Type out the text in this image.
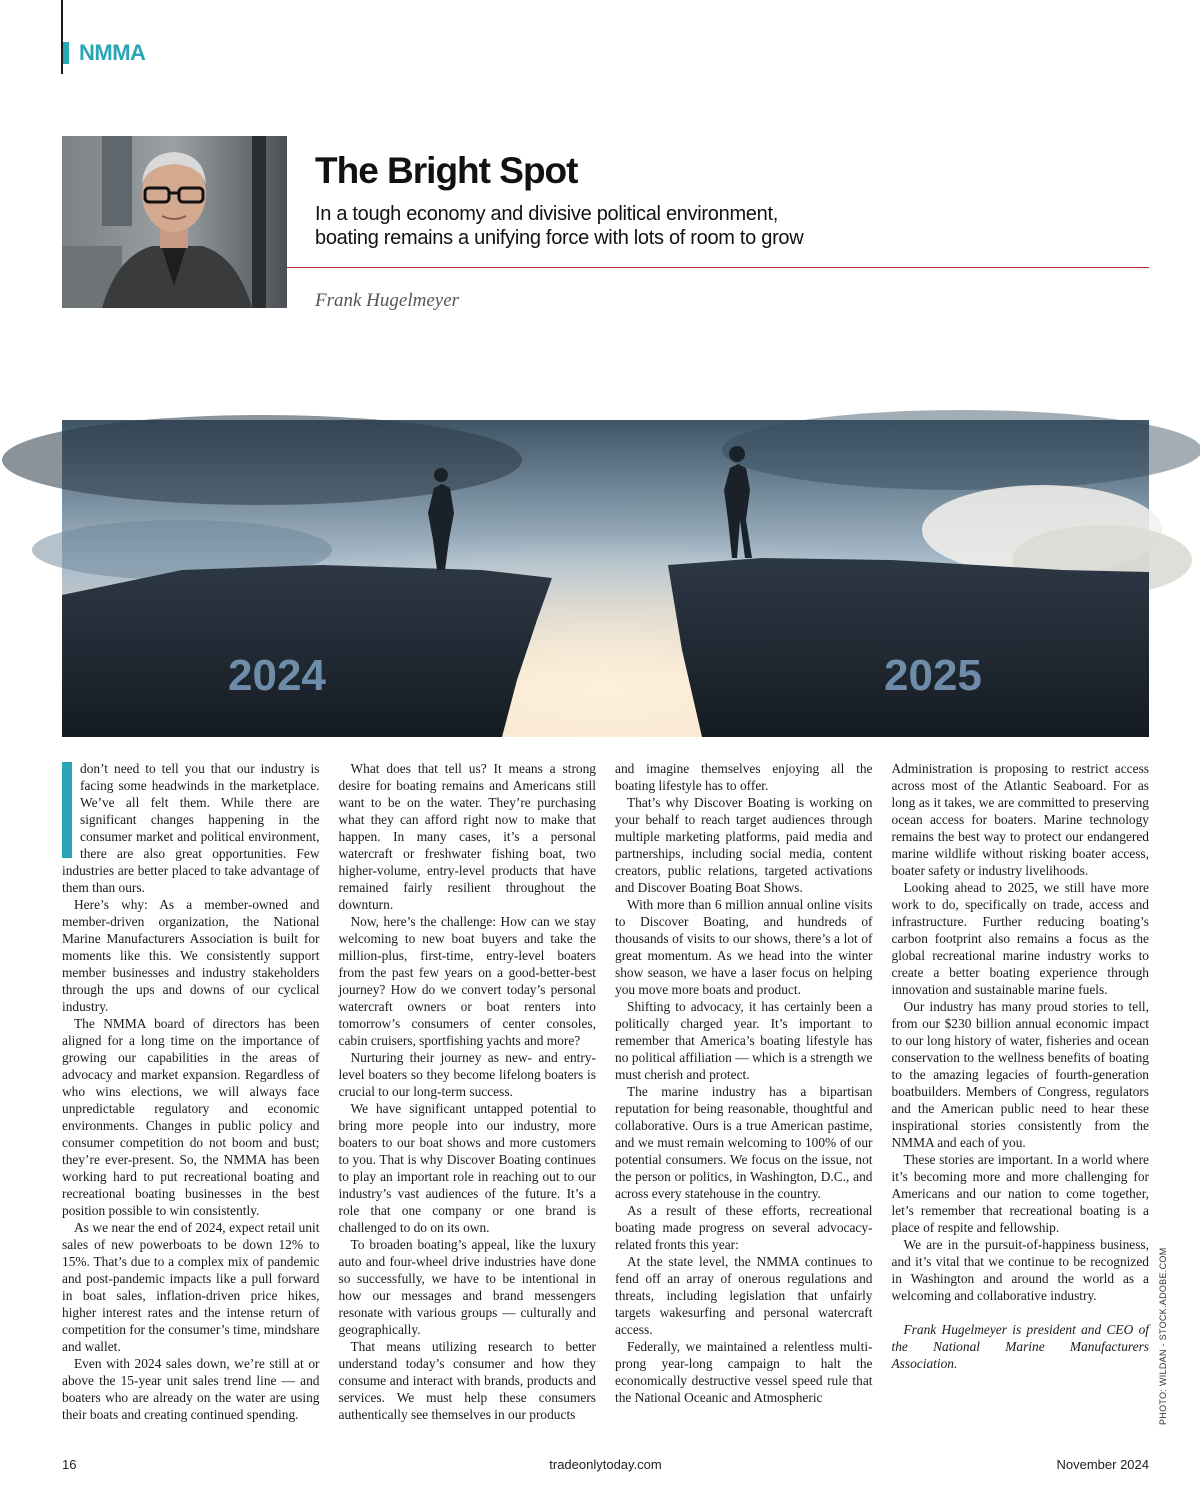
NMMA
The Bright Spot

In a tough economy and divisive political environment,
boating remains a unifying force with lots of room to grow

Frank Hugelmeyer
2024	2025

don’t need to tell you that our industry is facing some headwinds in the marketplace. We’ve all felt them. While there are significant changes happening in the consumer market and political environment, there are also great opportunities. Few industries are better placed to take advantage of them than ours.

Here’s why: As a member-owned and member-driven organization, the National Marine Manufacturers Association is built for moments like this. We consistently support member businesses and industry stakeholders through the ups and downs of our cyclical industry.

The NMMA board of directors has been aligned for a long time on the importance of growing our capabilities in the areas of advocacy and market expansion. Regardless of who wins elections, we will always face unpredictable regulatory and economic environments. Changes in public policy and consumer competition do not boom and bust; they’re ever-present. So, the NMMA has been working hard to put recreational boating and recreational boating businesses in the best position possible to win consistently.

As we near the end of 2024, expect retail unit sales of new powerboats to be down 12% to 15%. That’s due to a complex mix of pandemic and post-pandemic impacts like a pull forward in boat sales, inflation-driven price hikes, higher interest rates and the intense return of competition for the consumer’s time, mindshare and wallet.

Even with 2024 sales down, we’re still at or above the 15-year unit sales trend line — and boaters who are already on the water are using their boats and creating continued spending.

What does that tell us? It means a strong desire for boating remains and Americans still want to be on the water. They’re purchasing what they can afford right now to make that happen. In many cases, it’s a personal watercraft or freshwater fishing boat, two higher-volume, entry-level products that have remained fairly resilient throughout the downturn.

Now, here’s the challenge: How can we stay welcoming to new boat buyers and take the million-plus, first-time, entry-level boaters from the past few years on a good-better-best journey? How do we convert today’s personal watercraft owners or boat renters into tomorrow’s consumers of center consoles, cabin cruisers, sportfishing yachts and more?

Nurturing their journey as new- and entry-level boaters so they become lifelong boaters is crucial to our long-term success.

We have significant untapped potential to bring more people into our industry, more boaters to our boat shows and more customers to you. That is why Discover Boating continues to play an important role in reaching out to our industry’s vast audiences of the future. It’s a role that one company or one brand is challenged to do on its own.

To broaden boating’s appeal, like the luxury auto and four-wheel drive industries have done so successfully, we have to be intentional in how our messages and brand messengers resonate with various groups — culturally and geographically.

That means utilizing research to better understand today’s consumer and how they consume and interact with brands, products and services. We must help these consumers authentically see themselves in our products

and imagine themselves enjoying all the boating lifestyle has to offer.

That’s why Discover Boating is working on your behalf to reach target audiences through multiple marketing platforms, paid media and partnerships, including social media, content creators, public relations, targeted activations and Discover Boating Boat Shows.

With more than 6 million annual online visits to Discover Boating, and hundreds of thousands of visits to our shows, there’s a lot of great momentum. As we head into the winter show season, we have a laser focus on helping you move more boats and product.

Shifting to advocacy, it has certainly been a politically charged year. It’s important to remember that America’s boating lifestyle has no political affiliation — which is a strength we must cherish and protect.

The marine industry has a bipartisan reputation for being reasonable, thoughtful and collaborative. Ours is a true American pastime, and we must remain welcoming to 100% of our potential consumers. We focus on the issue, not the person or politics, in Washington, D.C., and across every statehouse in the country.

As a result of these efforts, recreational boating made progress on several advocacy-related fronts this year:

At the state level, the NMMA continues to fend off an array of onerous regulations and threats, including legislation that unfairly targets wakesurfing and personal watercraft access.

Federally, we maintained a relentless multi-prong year-long campaign to halt the economically destructive vessel speed rule that the National Oceanic and Atmospheric

Administration is proposing to restrict access across most of the Atlantic Seaboard. For as long as it takes, we are committed to preserving ocean access for boaters. Marine technology remains the best way to protect our endangered marine wildlife without risking boater access, boater safety or industry livelihoods.

Looking ahead to 2025, we still have more work to do, specifically on trade, access and infrastructure. Further reducing boating’s carbon footprint also remains a focus as the global recreational marine industry works to create a better boating experience through innovation and sustainable marine fuels.

Our industry has many proud stories to tell, from our $230 billion annual economic impact to our long history of water, fisheries and ocean conservation to the wellness benefits of boating to the amazing legacies of fourth-generation boatbuilders. Members of Congress, regulators and the American public need to hear these inspirational stories consistently from the NMMA and each of you.

These stories are important. In a world where it’s becoming more and more challenging for Americans and our nation to come together, let’s remember that recreational boating is a place of respite and fellowship.

We are in the pursuit-of-happiness business, and it’s vital that we continue to be recognized in Washington and around the world as a welcoming and collaborative industry.

Frank Hugelmeyer is president and CEO of the National Marine Manufacturers Association.	PHOTO: WILDAN - STOCK.ADOBE.COM
16	tradeonlytoday.com	November 2024
